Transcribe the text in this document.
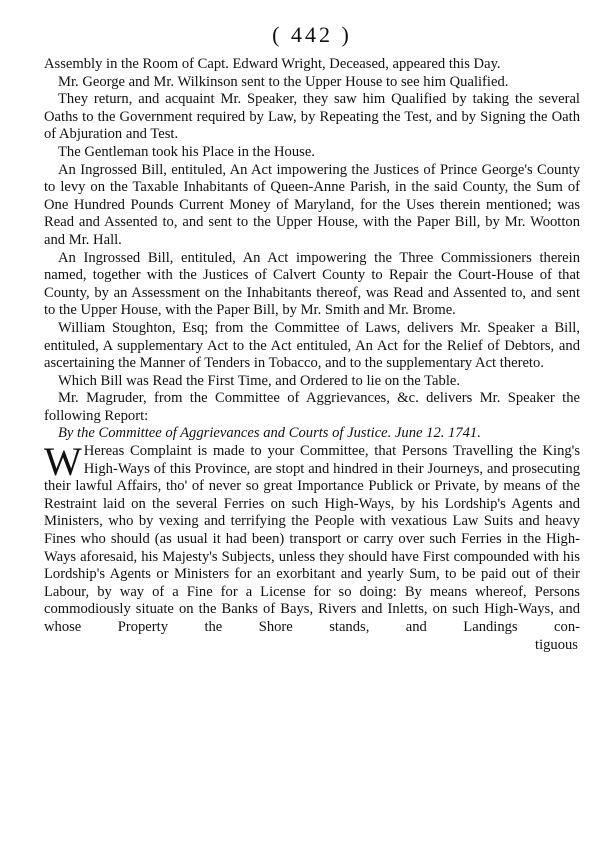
( 442 )

Assembly in the Room of Capt. Edward Wright, Deceased, appeared this Day.

Mr. George and Mr. Wilkinson sent to the Upper House to see him Qualified.

They return, and acquaint Mr. Speaker, they saw him Qualified by taking the several Oaths to the Government required by Law, by Repeating the Test, and by Signing the Oath of Abjuration and Test.

The Gentleman took his Place in the House.

An Ingrossed Bill, entituled, An Act impowering the Justices of Prince George's County to levy on the Taxable Inhabitants of Queen-Anne Parish, in the said County, the Sum of One Hundred Pounds Current Money of Maryland, for the Uses therein mentioned; was Read and Assented to, and sent to the Upper House, with the Paper Bill, by Mr. Wootton and Mr. Hall.

An Ingrossed Bill, entituled, An Act impowering the Three Commissioners therein named, together with the Justices of Calvert County to Repair the Court-House of that County, by an Assessment on the Inhabitants thereof, was Read and Assented to, and sent to the Upper House, with the Paper Bill, by Mr. Smith and Mr. Brome.

William Stoughton, Esq; from the Committee of Laws, delivers Mr. Speaker a Bill, entituled, A supplementary Act to the Act entituled, An Act for the Relief of Debtors, and ascertaining the Manner of Tenders in Tobacco, and to the supplementary Act thereto.

Which Bill was Read the First Time, and Ordered to lie on the Table.

Mr. Magruder, from the Committee of Aggrievances, &c. delivers Mr. Speaker the following Report:

By the Committee of Aggrievances and Courts of Justice. June 12. 1741.

W Hereas Complaint is made to your Committee, that Persons Travelling the King's High-Ways of this Province, are stopt and hindred in their Journeys, and prosecuting their lawful Affairs, tho' of never so great Importance Publick or Private, by means of the Restraint laid on the several Ferries on such High-Ways, by his Lordship's Agents and Ministers, who by vexing and terrifying the People with vexatious Law Suits and heavy Fines who should (as usual it had been) transport or carry over such Ferries in the High-Ways aforesaid, his Majesty's Subjects, unless they should have First compounded with his Lordship's Agents or Ministers for an exorbitant and yearly Sum, to be paid out of their Labour, by way of a Fine for a License for so doing: By means whereof, Persons commodiously situate on the Banks of Bays, Rivers and Inletts, on such High-Ways, and whose Property the Shore stands, and Landings con-

tiguous
